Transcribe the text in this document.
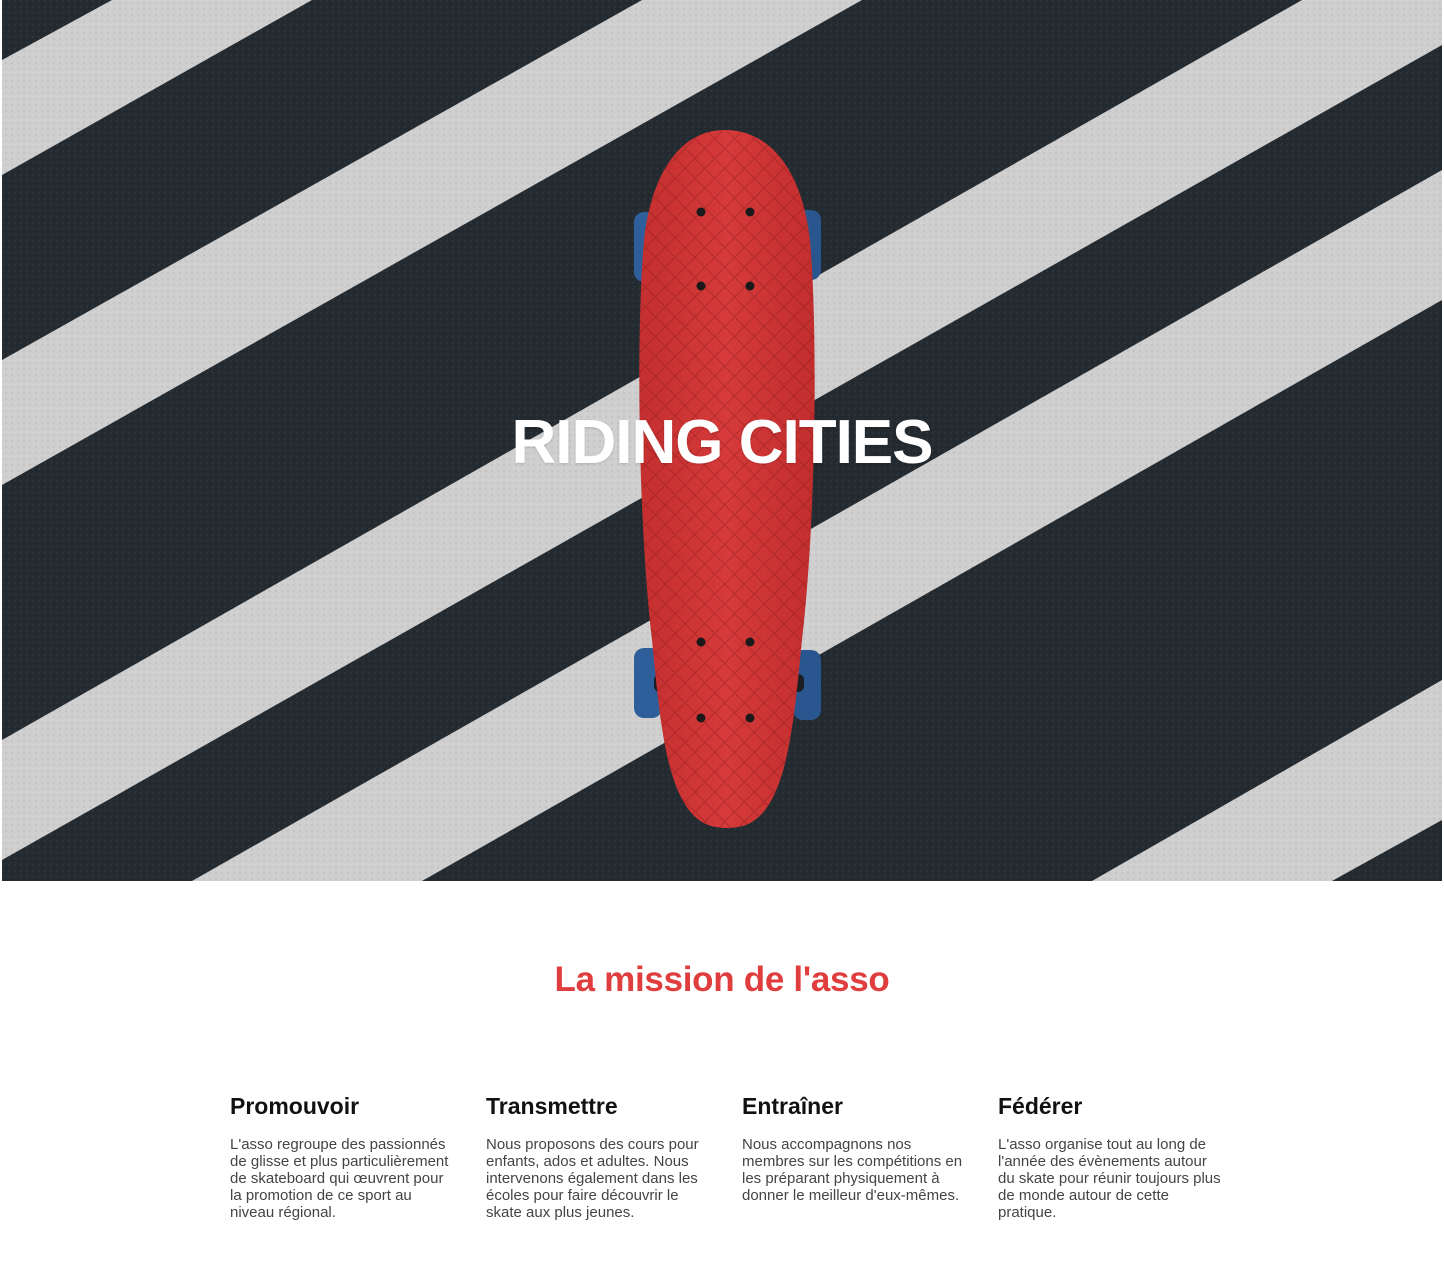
RIDING CITIES
La mission de l'asso
Promouvoir

L'asso regroupe des passionnés de glisse et plus particulièrement de skateboard qui œuvrent pour la promotion de ce sport au niveau régional.

Transmettre

Nous proposons des cours pour enfants, ados et adultes. Nous intervenons également dans les écoles pour faire découvrir le skate aux plus jeunes.

Entraîner

Nous accompagnons nos membres sur les compétitions en les préparant physiquement à donner le meilleur d'eux-mêmes.

Fédérer

L'asso organise tout au long de l'année des évènements autour du skate pour réunir toujours plus de monde autour de cette pratique.
